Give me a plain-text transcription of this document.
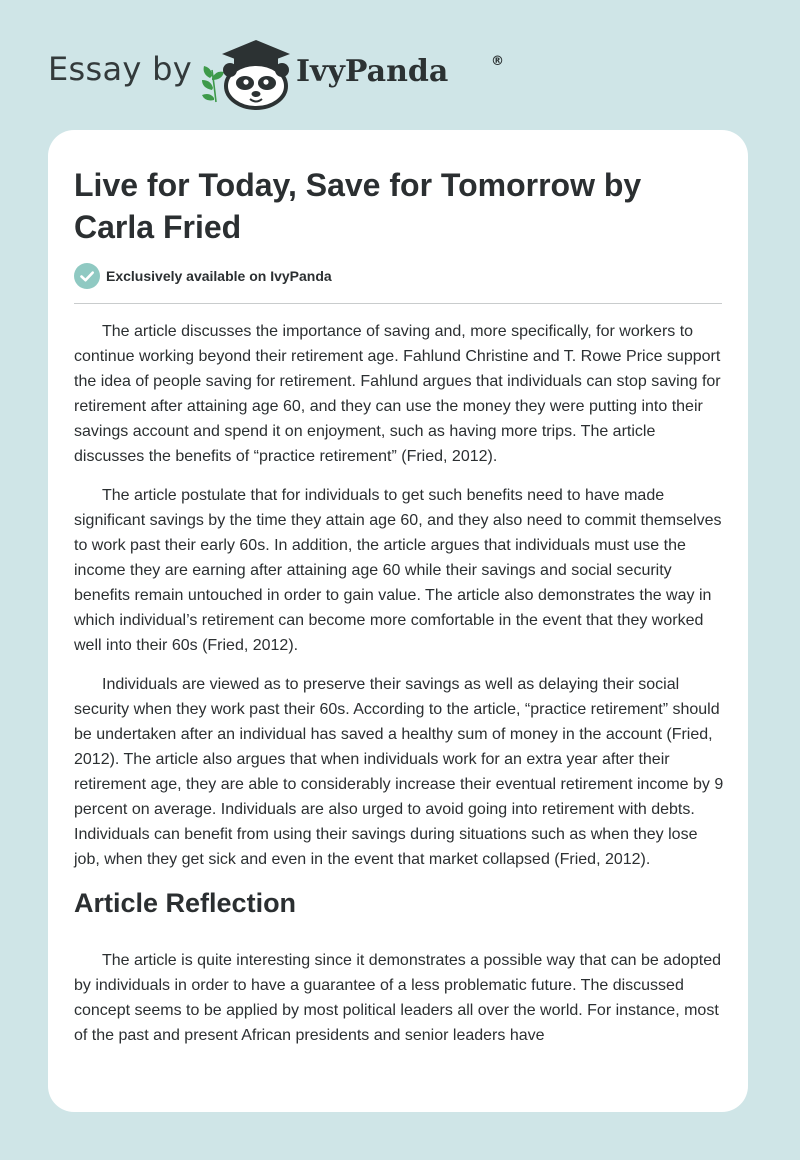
Essay by	IvyPanda	®
Live for Today, Save for Tomorrow by Carla Fried
Exclusively available on IvyPanda

The article discusses the importance of saving and, more specifically, for workers to continue working beyond their retirement age. Fahlund Christine and T. Rowe Price support the idea of people saving for retirement. Fahlund argues that individuals can stop saving for retirement after attaining age 60, and they can use the money they were putting into their savings account and spend it on enjoyment, such as having more trips. The article discusses the benefits of “practice retirement” (Fried, 2012).

The article postulate that for individuals to get such benefits need to have made significant savings by the time they attain age 60, and they also need to commit themselves to work past their early 60s. In addition, the article argues that individuals must use the income they are earning after attaining age 60 while their savings and social security benefits remain untouched in order to gain value. The article also demonstrates the way in which individual’s retirement can become more comfortable in the event that they worked well into their 60s (Fried, 2012).

Individuals are viewed as to preserve their savings as well as delaying their social security when they work past their 60s. According to the article, “practice retirement” should be undertaken after an individual has saved a healthy sum of money in the account (Fried, 2012). The article also argues that when individuals work for an extra year after their retirement age, they are able to considerably increase their eventual retirement income by 9 percent on average. Individuals are also urged to avoid going into retirement with debts. Individuals can benefit from using their savings during situations such as when they lose job, when they get sick and even in the event that market collapsed (Fried, 2012).

Article Reflection

The article is quite interesting since it demonstrates a possible way that can be adopted by individuals in order to have a guarantee of a less problematic future. The discussed concept seems to be applied by most political leaders all over the world. For instance, most of the past and present African presidents and senior leaders have
